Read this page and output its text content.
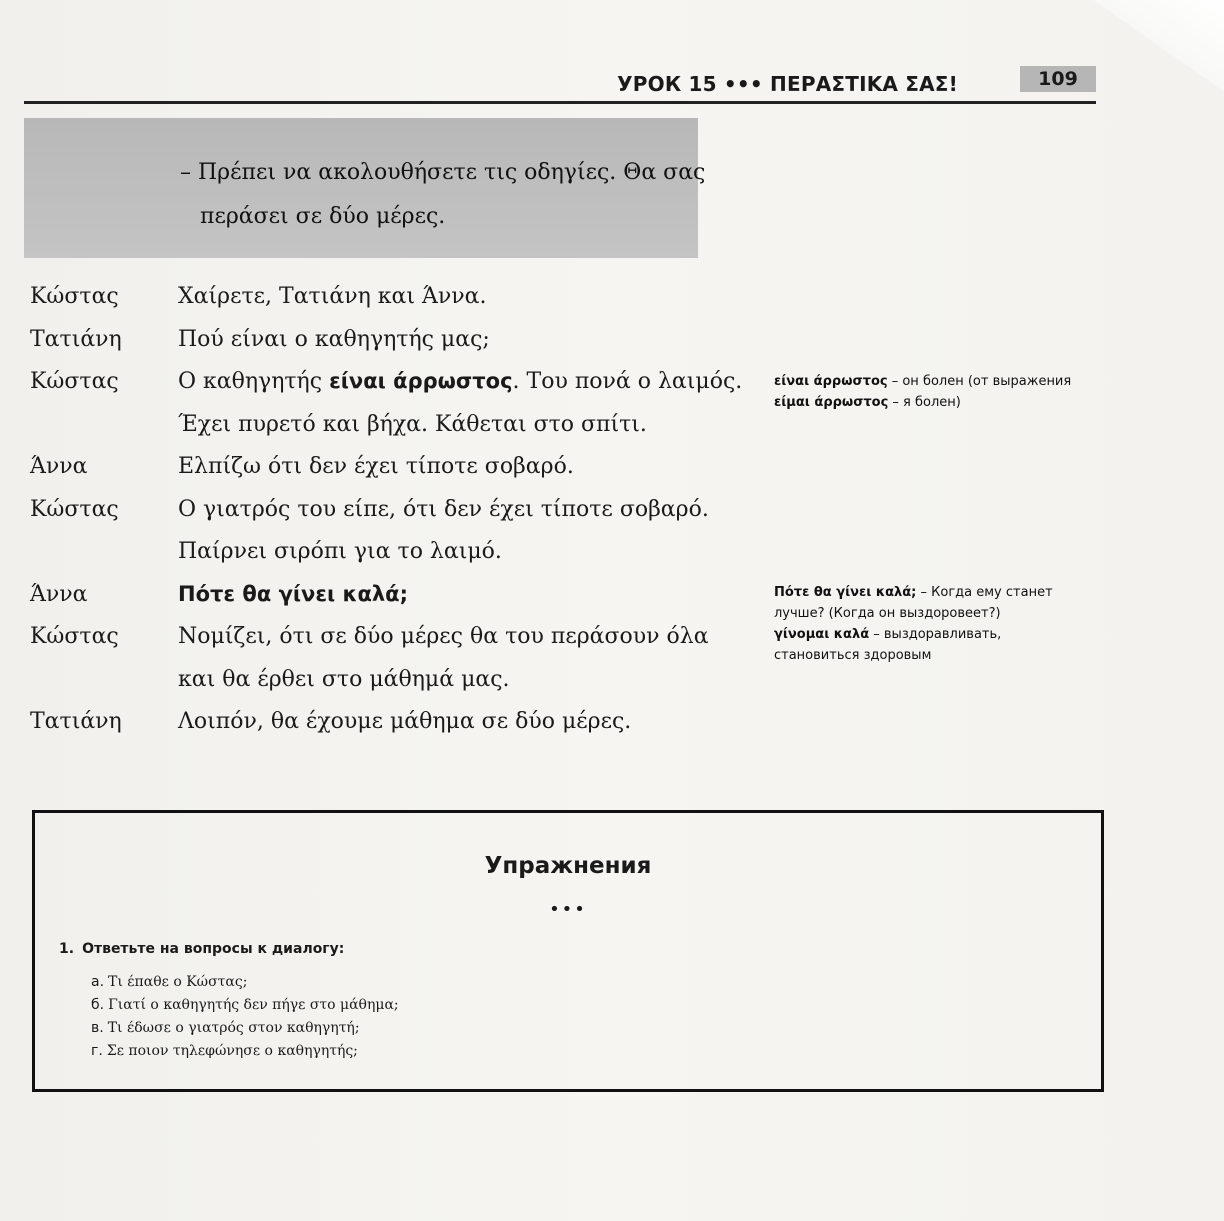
УРОК 15 ••• ΠΕΡΑΣΤΙΚΑ ΣΑΣ!	109
– Πρέπει να ακολουθήσετε τις οδηγίες. Θα σας
περάσει σε δύο μέρες.
Κώστας	Χαίρετε, Τατιάνη και Άννα.
Τατιάνη	Πού είναι ο καθηγητής μας;
Κώστας	Ο καθηγητής είναι άρρωστος. Του πονά ο λαιμός.
Έχει πυρετό και βήχα. Κάθεται στο σπίτι.
Άννα	Ελπίζω ότι δεν έχει τίποτε σοβαρό.
Κώστας	Ο γιατρός του είπε, ότι δεν έχει τίποτε σοβαρό.
Παίρνει σιρόπι για το λαιμό.
Άννα	Πότε θα γίνει καλά;
Κώστας	Νομίζει, ότι σε δύο μέρες θα του περάσουν όλα
και θα έρθει στο μάθημά μας.
Τατιάνη	Λοιπόν, θα έχουμε μάθημα σε δύο μέρες.
είναι άρρωστος – он болен (от выражения
είμαι άρρωστος – я болен)
Πότε θα γίνει καλά; – Когда ему станет
лучше? (Когда он выздоровеет?)
γίνομαι καλά – выздоравливать,
становиться здоровым
Упражнения
•••
1. Ответьте на вопросы к диалогу:
а. Τι έπαθε ο Κώστας;
б. Γιατί ο καθηγητής δεν πήγε στο μάθημα;
в. Τι έδωσε ο γιατρός στον καθηγητή;
г. Σε ποιον τηλεφώνησε ο καθηγητής;
